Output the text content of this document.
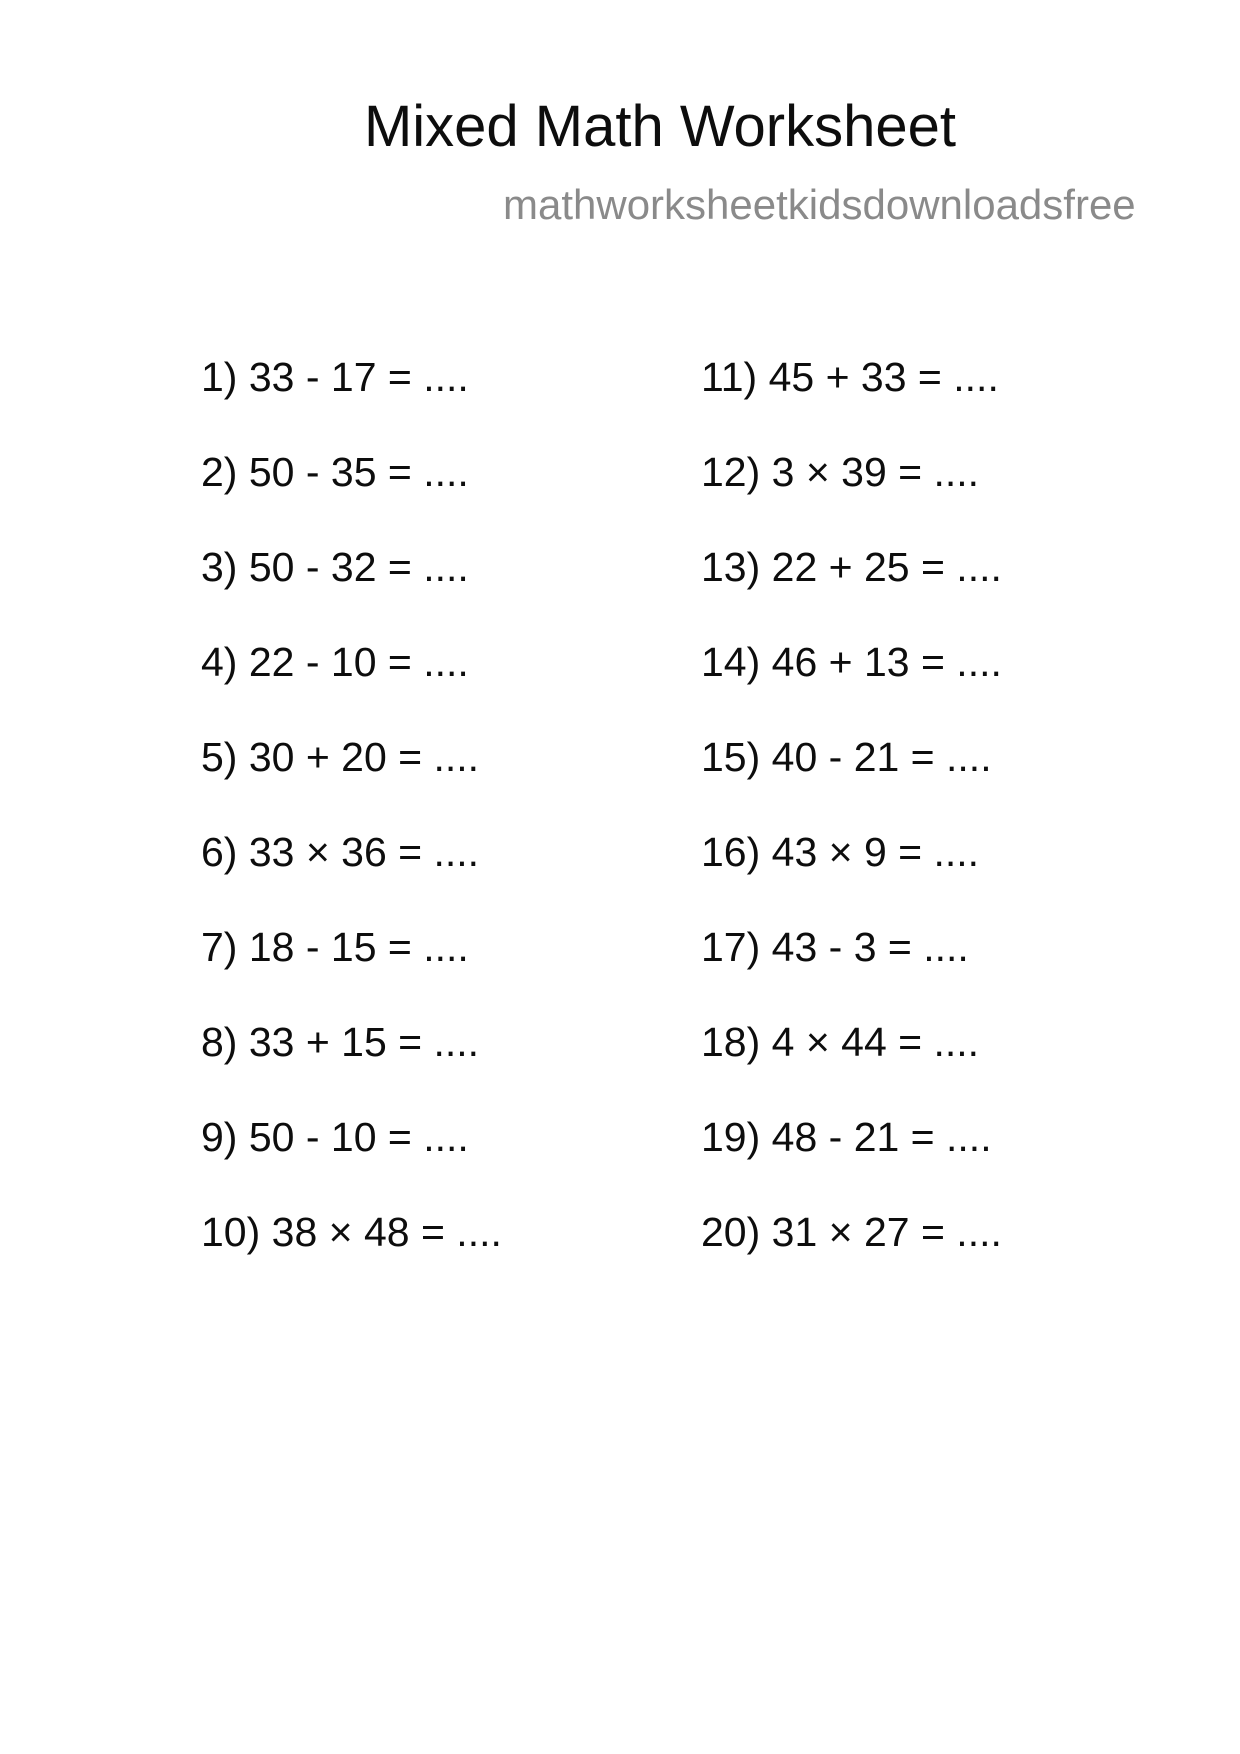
Mixed Math Worksheet
mathworksheetkidsdownloadsfree
1) 33 - 17 = ....
2) 50 - 35 = ....
3) 50 - 32 = ....
4) 22 - 10 = ....
5) 30 + 20 = ....
6) 33 × 36 = ....
7) 18 - 15 = ....
8) 33 + 15 = ....
9) 50 - 10 = ....
10) 38 × 48 = ....
11) 45 + 33 = ....
12) 3 × 39 = ....
13) 22 + 25 = ....
14) 46 + 13 = ....
15) 40 - 21 = ....
16) 43 × 9 = ....
17) 43 - 3 = ....
18) 4 × 44 = ....
19) 48 - 21 = ....
20) 31 × 27 = ....
